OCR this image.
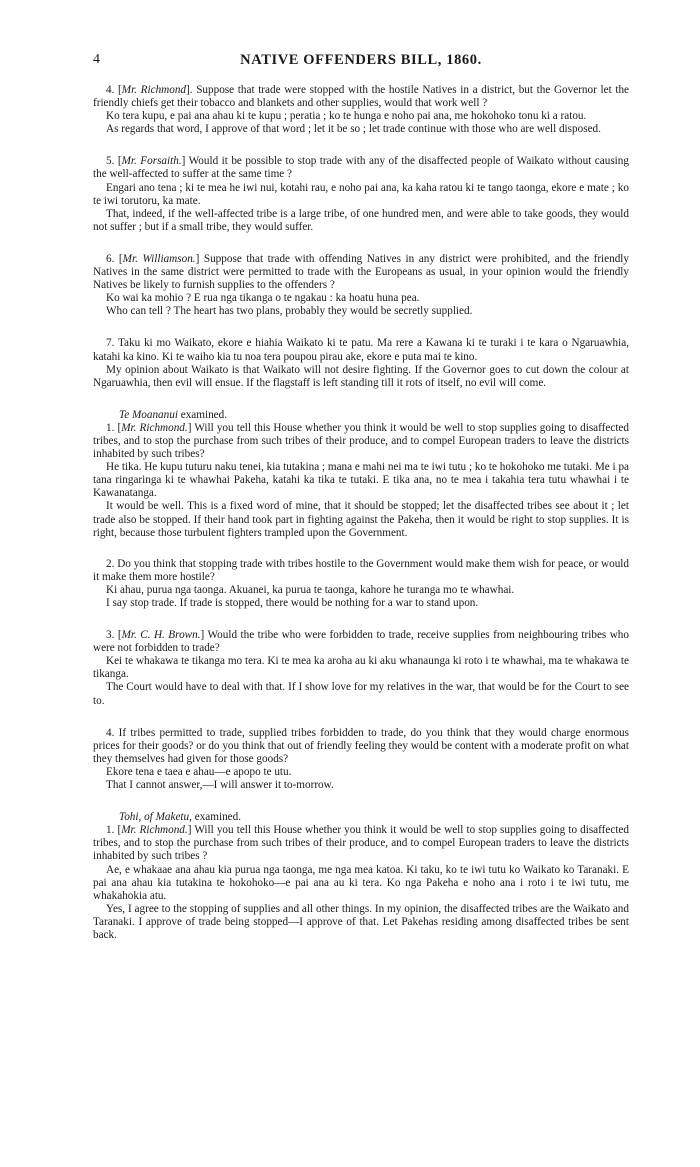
4	NATIVE OFFENDERS BILL, 1860.

4. [Mr. Richmond]. Suppose that trade were stopped with the hostile Natives in a district, but the Governor let the friendly chiefs get their tobacco and blankets and other supplies, would that work well ?

Ko tera kupu, e pai ana ahau ki te kupu ; peratia ; ko te hunga e noho pai ana, me hokohoko tonu ki a ratou.

As regards that word, I approve of that word ; let it be so ; let trade continue with those who are well disposed.

5. [Mr. Forsaith.] Would it be possible to stop trade with any of the disaffected people of Waikato without causing the well-affected to suffer at the same time ?

Engari ano tena ; ki te mea he iwi nui, kotahi rau, e noho pai ana, ka kaha ratou ki te tango taonga, ekore e mate ; ko te iwi torutoru, ka mate.

That, indeed, if the well-affected tribe is a large tribe, of one hundred men, and were able to take goods, they would not suffer ; but if a small tribe, they would suffer.

6. [Mr. Williamson.] Suppose that trade with offending Natives in any district were prohibited, and the friendly Natives in the same district were permitted to trade with the Europeans as usual, in your opinion would the friendly Natives be likely to furnish supplies to the offenders ?

Ko wai ka mohio ? E rua nga tikanga o te ngakau : ka hoatu huna pea.

Who can tell ? The heart has two plans, probably they would be secretly supplied.

7. Taku ki mo Waikato, ekore e hiahia Waikato ki te patu. Ma rere a Kawana ki te turaki i te kara o Ngaruawhia, katahi ka kino. Ki te waiho kia tu noa tera poupou pirau ake, ekore e puta mai te kino.

My opinion about Waikato is that Waikato will not desire fighting. If the Governor goes to cut down the colour at Ngaruawhia, then evil will ensue. If the flagstaff is left standing till it rots of itself, no evil will come.

Te Moananui examined.

1. [Mr. Richmond.] Will you tell this House whether you think it would be well to stop supplies going to disaffected tribes, and to stop the purchase from such tribes of their produce, and to compel European traders to leave the districts inhabited by such tribes?

He tika. He kupu tuturu naku tenei, kia tutakina ; mana e mahi nei ma te iwi tutu ; ko te hokohoko me tutaki. Me i pa tana ringaringa ki te whawhai Pakeha, katahi ka tika te tutaki. E tika ana, no te mea i takahia tera tutu whawhai i te Kawanatanga.

It would be well. This is a fixed word of mine, that it should be stopped; let the disaffected tribes see about it ; let trade also be stopped. If their hand took part in fighting against the Pakeha, then it would be right to stop supplies. It is right, because those turbulent fighters trampled upon the Government.

2. Do you think that stopping trade with tribes hostile to the Government would make them wish for peace, or would it make them more hostile?

Ki ahau, purua nga taonga. Akuanei, ka purua te taonga, kahore he turanga mo te whawhai.

I say stop trade. If trade is stopped, there would be nothing for a war to stand upon.

3. [Mr. C. H. Brown.] Would the tribe who were forbidden to trade, receive supplies from neighbouring tribes who were not forbidden to trade?

Kei te whakawa te tikanga mo tera. Ki te mea ka aroha au ki aku whanaunga ki roto i te whawhai, ma te whakawa te tikanga.

The Court would have to deal with that. If I show love for my relatives in the war, that would be for the Court to see to.

4. If tribes permitted to trade, supplied tribes forbidden to trade, do you think that they would charge enormous prices for their goods? or do you think that out of friendly feeling they would be content with a moderate profit on what they themselves had given for those goods?

Ekore tena e taea e ahau—e apopo te utu.

That I cannot answer,—I will answer it to-morrow.

Tohi, of Maketu, examined.

1. [Mr. Richmond.] Will you tell this House whether you think it would be well to stop supplies going to disaffected tribes, and to stop the purchase from such tribes of their produce, and to compel European traders to leave the districts inhabited by such tribes ?

Ae, e whakaae ana ahau kia purua nga taonga, me nga mea katoa. Ki taku, ko te iwi tutu ko Waikato ko Taranaki. E pai ana ahau kia tutakina te hokohoko—e pai ana au ki tera. Ko nga Pakeha e noho ana i roto i te iwi tutu, me whakahokia atu.

Yes, I agree to the stopping of supplies and all other things. In my opinion, the disaffected tribes are the Waikato and Taranaki. I approve of trade being stopped—I approve of that. Let Pakehas residing among disaffected tribes be sent back.
